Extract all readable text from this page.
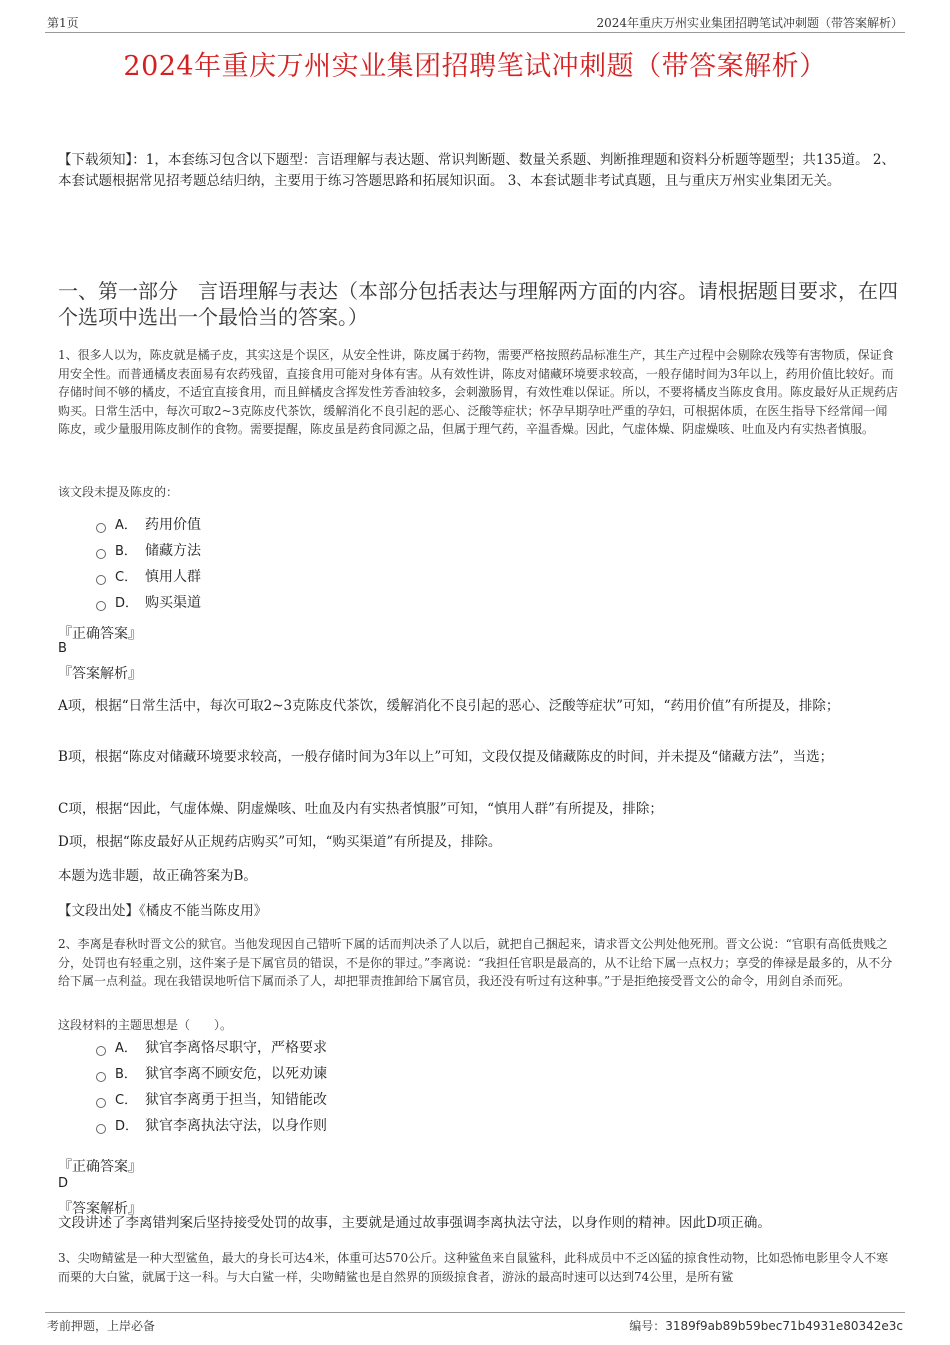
第1页	2024年重庆万州实业集团招聘笔试冲刺题（带答案解析）
2024年重庆万州实业集团招聘笔试冲刺题（带答案解析）
【下载须知】：1，本套练习包含以下题型：言语理解与表达题、常识判断题、数量关系题、判断推理题和资料分析题等题型；共135道。 2、本套试题根据常见招考题总结归纳，主要用于练习答题思路和拓展知识面。 3、本套试题非考试真题，且与重庆万州实业集团无关。
一、第一部分 言语理解与表达（本部分包括表达与理解两方面的内容。请根据题目要求，在四个选项中选出一个最恰当的答案。）
1、很多人以为，陈皮就是橘子皮，其实这是个误区，从安全性讲，陈皮属于药物，需要严格按照药品标准生产，其生产过程中会剔除农残等有害物质，保证食用安全性。而普通橘皮表面易有农药残留，直接食用可能对身体有害。从有效性讲，陈皮对储藏环境要求较高，一般存储时间为3年以上，药用价值比较好。而存储时间不够的橘皮，不适宜直接食用，而且鲜橘皮含挥发性芳香油较多，会刺激肠胃，有效性难以保证。所以，不要将橘皮当陈皮食用。陈皮最好从正规药店购买。日常生活中，每次可取2~3克陈皮代茶饮，缓解消化不良引起的恶心、泛酸等症状；怀孕早期孕吐严重的孕妇，可根据体质，在医生指导下经常闻一闻陈皮，或少量服用陈皮制作的食物。需要提醒，陈皮虽是药食同源之品，但属于理气药，辛温香燥。因此，气虚体燥、阴虚燥咳、吐血及内有实热者慎服。
该文段未提及陈皮的：
A． 药用价值
B． 储藏方法
C． 慎用人群
D． 购买渠道
『正确答案』
B
『答案解析』
A项，根据“日常生活中，每次可取2~3克陈皮代茶饮，缓解消化不良引起的恶心、泛酸等症状”可知，“药用价值”有所提及，排除；
B项，根据“陈皮对储藏环境要求较高，一般存储时间为3年以上”可知，文段仅提及储藏陈皮的时间，并未提及“储藏方法”，当选；
C项，根据“因此，气虚体燥、阴虚燥咳、吐血及内有实热者慎服”可知，“慎用人群”有所提及，排除；
D项，根据“陈皮最好从正规药店购买”可知，“购买渠道”有所提及，排除。
本题为选非题，故正确答案为B。
【文段出处】《橘皮不能当陈皮用》
2、李离是春秋时晋文公的狱官。当他发现因自己错听下属的话而判决杀了人以后，就把自己捆起来，请求晋文公判处他死刑。晋文公说：“官职有高低贵贱之分，处罚也有轻重之别，这件案子是下属官员的错误，不是你的罪过。”李离说：“我担任官职是最高的，从不让给下属一点权力；享受的俸禄是最多的，从不分给下属一点利益。现在我错误地听信下属而杀了人，却把罪责推卸给下属官员，我还没有听过有这种事。”于是拒绝接受晋文公的命令，用剑自杀而死。
这段材料的主题思想是（　　）。
A． 狱官李离恪尽职守，严格要求
B． 狱官李离不顾安危，以死劝谏
C． 狱官李离勇于担当，知错能改
D． 狱官李离执法守法，以身作则
『正确答案』
D
『答案解析』
文段讲述了李离错判案后坚持接受处罚的故事，主要就是通过故事强调李离执法守法，以身作则的精神。因此D项正确。
3、尖吻鲭鲨是一种大型鲨鱼，最大的身长可达4米，体重可达570公斤。这种鲨鱼来自鼠鲨科，此科成员中不乏凶猛的掠食性动物，比如恐怖电影里令人不寒而栗的大白鲨，就属于这一科。与大白鲨一样，尖吻鲭鲨也是自然界的顶级掠食者，游泳的最高时速可以达到74公里，是所有鲨
考前押题，上岸必备	编号：3189f9ab89b59bec71b4931e80342e3c
